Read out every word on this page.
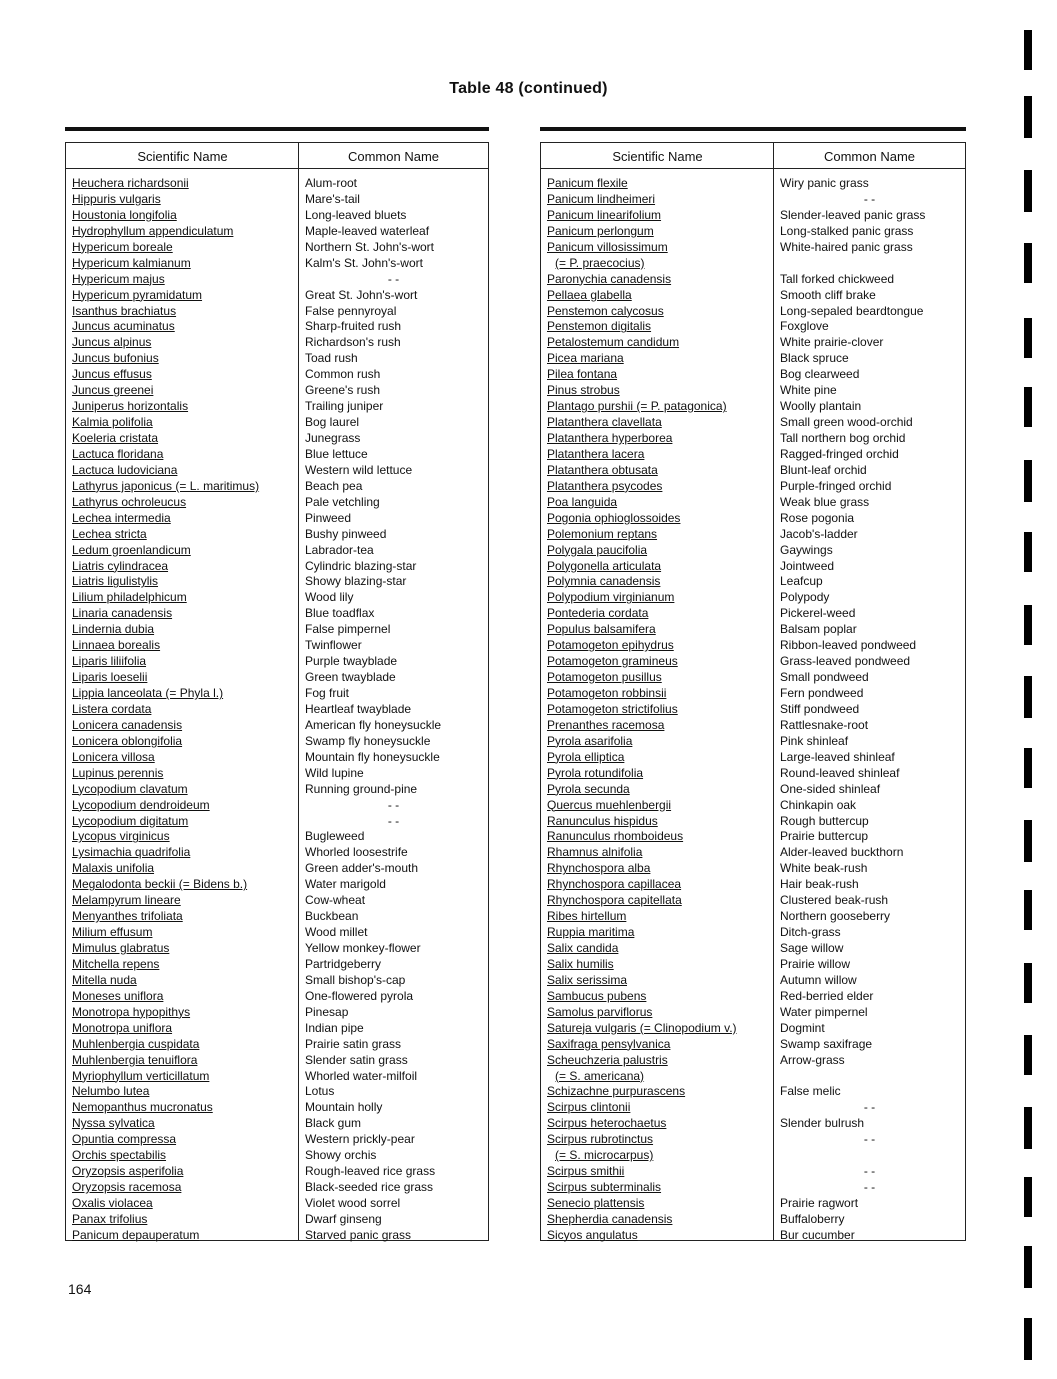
Table 48 (continued)
Scientific Name	Common Name
Heuchera richardsonii	Alum-root
Hippuris vulgaris	Mare's-tail
Houstonia longifolia	Long-leaved bluets
Hydrophyllum appendiculatum	Maple-leaved waterleaf
Hypericum boreale	Northern St. John's-wort
Hypericum kalmianum	Kalm's St. John's-wort
Hypericum majus	- -
Hypericum pyramidatum	Great St. John's-wort
Isanthus brachiatus	False pennyroyal
Juncus acuminatus	Sharp-fruited rush
Juncus alpinus	Richardson's rush
Juncus bufonius	Toad rush
Juncus effusus	Common rush
Juncus greenei	Greene's rush
Juniperus horizontalis	Trailing juniper
Kalmia polifolia	Bog laurel
Koeleria cristata	Junegrass
Lactuca floridana	Blue lettuce
Lactuca ludoviciana	Western wild lettuce
Lathyrus japonicus (= L. maritimus)	Beach pea
Lathyrus ochroleucus	Pale vetchling
Lechea intermedia	Pinweed
Lechea stricta	Bushy pinweed
Ledum groenlandicum	Labrador-tea
Liatris cylindracea	Cylindric blazing-star
Liatris ligulistylis	Showy blazing-star
Lilium philadelphicum	Wood lily
Linaria canadensis	Blue toadflax
Lindernia dubia	False pimpernel
Linnaea borealis	Twinflower
Liparis liliifolia	Purple twayblade
Liparis loeselii	Green twayblade
Lippia lanceolata (= Phyla l.)	Fog fruit
Listera cordata	Heartleaf twayblade
Lonicera canadensis	American fly honeysuckle
Lonicera oblongifolia	Swamp fly honeysuckle
Lonicera villosa	Mountain fly honeysuckle
Lupinus perennis	Wild lupine
Lycopodium clavatum	Running ground-pine
Lycopodium dendroideum	- -
Lycopodium digitatum	- -
Lycopus virginicus	Bugleweed
Lysimachia quadrifolia	Whorled loosestrife
Malaxis unifolia	Green adder's-mouth
Megalodonta beckii (= Bidens b.)	Water marigold
Melampyrum lineare	Cow-wheat
Menyanthes trifoliata	Buckbean
Milium effusum	Wood millet
Mimulus glabratus	Yellow monkey-flower
Mitchella repens	Partridgeberry
Mitella nuda	Small bishop's-cap
Moneses uniflora	One-flowered pyrola
Monotropa hypopithys	Pinesap
Monotropa uniflora	Indian pipe
Muhlenbergia cuspidata	Prairie satin grass
Muhlenbergia tenuiflora	Slender satin grass
Myriophyllum verticillatum	Whorled water-milfoil
Nelumbo lutea	Lotus
Nemopanthus mucronatus	Mountain holly
Nyssa sylvatica	Black gum
Opuntia compressa	Western prickly-pear
Orchis spectabilis	Showy orchis
Oryzopsis asperifolia	Rough-leaved rice grass
Oryzopsis racemosa	Black-seeded rice grass
Oxalis violacea	Violet wood sorrel
Panax trifolius	Dwarf ginseng
Panicum depauperatum	Starved panic grass
Scientific Name	Common Name
Panicum flexile	Wiry panic grass
Panicum lindheimeri	- -
Panicum linearifolium	Slender-leaved panic grass
Panicum perlongum	Long-stalked panic grass
Panicum villosissimum	White-haired panic grass
(= P. praecocius)
Paronychia canadensis	Tall forked chickweed
Pellaea glabella	Smooth cliff brake
Penstemon calycosus	Long-sepaled beardtongue
Penstemon digitalis	Foxglove
Petalostemum candidum	White prairie-clover
Picea mariana	Black spruce
Pilea fontana	Bog clearweed
Pinus strobus	White pine
Plantago purshii (= P. patagonica)	Woolly plantain
Platanthera clavellata	Small green wood-orchid
Platanthera hyperborea	Tall northern bog orchid
Platanthera lacera	Ragged-fringed orchid
Platanthera obtusata	Blunt-leaf orchid
Platanthera psycodes	Purple-fringed orchid
Poa languida	Weak blue grass
Pogonia ophioglossoides	Rose pogonia
Polemonium reptans	Jacob's-ladder
Polygala paucifolia	Gaywings
Polygonella articulata	Jointweed
Polymnia canadensis	Leafcup
Polypodium virginianum	Polypody
Pontederia cordata	Pickerel-weed
Populus balsamifera	Balsam poplar
Potamogeton epihydrus	Ribbon-leaved pondweed
Potamogeton gramineus	Grass-leaved pondweed
Potamogeton pusillus	Small pondweed
Potamogeton robbinsii	Fern pondweed
Potamogeton strictifolius	Stiff pondweed
Prenanthes racemosa	Rattlesnake-root
Pyrola asarifolia	Pink shinleaf
Pyrola elliptica	Large-leaved shinleaf
Pyrola rotundifolia	Round-leaved shinleaf
Pyrola secunda	One-sided shinleaf
Quercus muehlenbergii	Chinkapin oak
Ranunculus hispidus	Rough buttercup
Ranunculus rhomboideus	Prairie buttercup
Rhamnus alnifolia	Alder-leaved buckthorn
Rhynchospora alba	White beak-rush
Rhynchospora capillacea	Hair beak-rush
Rhynchospora capitellata	Clustered beak-rush
Ribes hirtellum	Northern gooseberry
Ruppia maritima	Ditch-grass
Salix candida	Sage willow
Salix humilis	Prairie willow
Salix serissima	Autumn willow
Sambucus pubens	Red-berried elder
Samolus parviflorus	Water pimpernel
Satureja vulgaris (= Clinopodium v.)	Dogmint
Saxifraga pensylvanica	Swamp saxifrage
Scheuchzeria palustris	Arrow-grass
(= S. americana)
Schizachne purpurascens	False melic
Scirpus clintonii	- -
Scirpus heterochaetus	Slender bulrush
Scirpus rubrotinctus	- -
(= S. microcarpus)
Scirpus smithii	- -
Scirpus subterminalis	- -
Senecio plattensis	Prairie ragwort
Shepherdia canadensis	Buffaloberry
Sicyos angulatus	Bur cucumber
164
